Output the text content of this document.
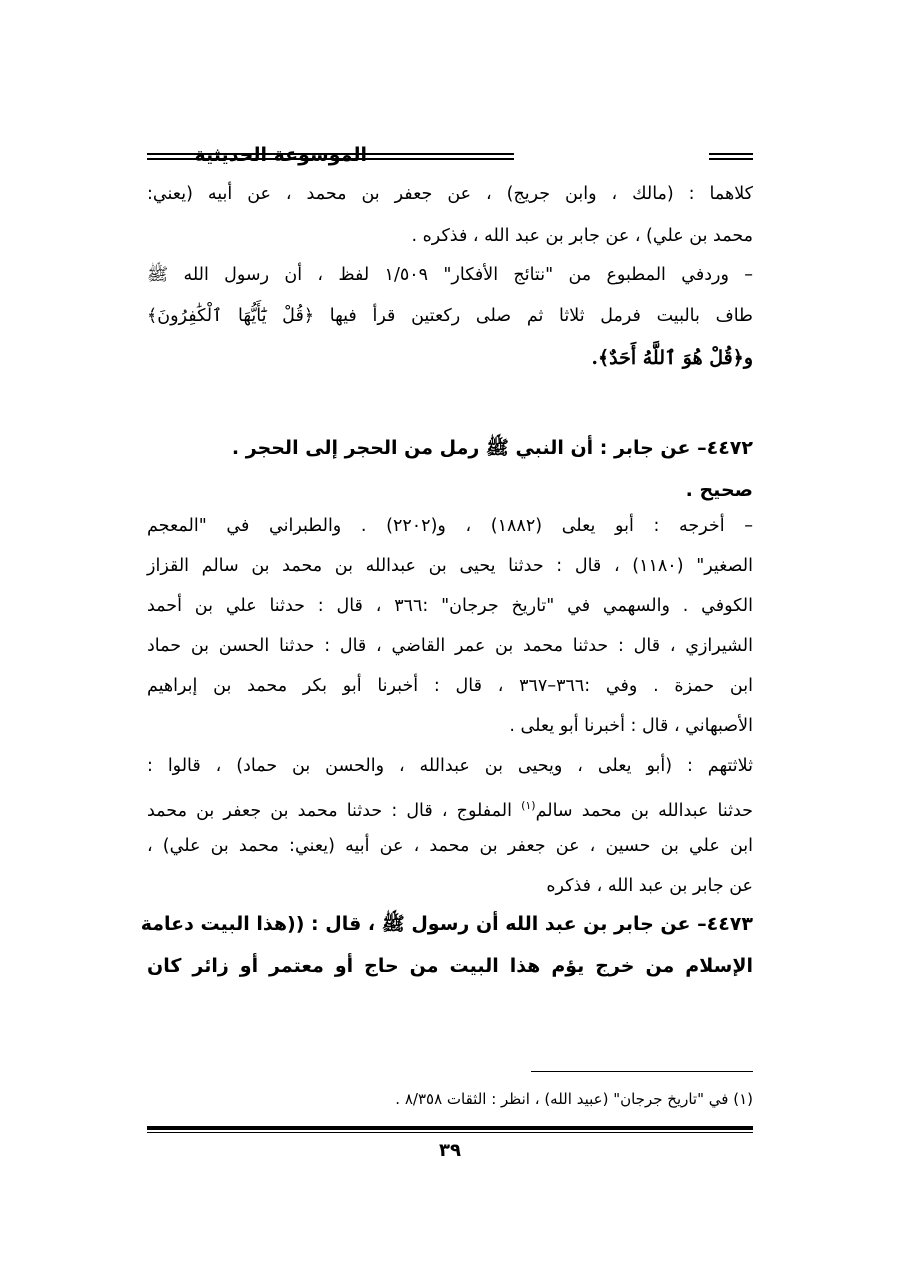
الموسوعة الحديثية
كلاهما : (مالك ، وابن جريج) ، عن جعفر بن محمد ، عن أبيه (يعني:
محمد بن علي) ، عن جابر بن عبد الله ، فذكره .
– وردفي المطبوع من "نتائج الأفكار" ١/٥٠٩ لفظ ، أن رسول الله ﷺ
طاف بالبيت فرمل ثلاثا ثم صلى ركعتين قرأ فيها ﴿قُلْ يَٰٓأَيُّهَا ٱلْكَٰفِرُونَ﴾
و﴿قُلْ هُوَ ٱللَّهُ أَحَدٌ﴾.
٤٤٧٢– عن جابر : أن النبي ﷺ رمل من الحجر إلى الحجر .
صحيح .
– أخرجه : أبو يعلى (١٨٨٢) ، و(٢٢٠٢) . والطبراني في "المعجم
الصغير" (١١٨٠) ، قال : حدثنا يحيى بن عبدالله بن محمد بن سالم القزاز
الكوفي . والسهمي في "تاريخ جرجان" :٣٦٦ ، قال : حدثنا علي بن أحمد
الشيرازي ، قال : حدثنا محمد بن عمر القاضي ، قال : حدثنا الحسن بن حماد
ابن حمزة . وفي :٣٦٦–٣٦٧ ، قال : أخبرنا أبو بكر محمد بن إبراهيم
الأصبهاني ، قال : أخبرنا أبو يعلى .
ثلاثتهم : (أبو يعلى ، ويحيى بن عبدالله ، والحسن بن حماد) ، قالوا :
حدثنا عبدالله بن محمد سالم$^{(١)}$ المفلوج ، قال : حدثنا محمد بن جعفر بن محمد
ابن علي بن حسين ، عن جعفر بن محمد ، عن أبيه (يعني: محمد بن علي) ،
عن جابر بن عبد الله ، فذكره
٤٤٧٣– عن جابر بن عبد الله أن رسول ﷺ ، قال : ((هذا البيت دعامة
الإسلام من خرج يؤم هذا البيت من حاج أو معتمر أو زائر كان
(١) في "تاريخ جرجان" (عبيد الله) ، انظر : الثقات ٨/٣٥٨ .
٣٩
